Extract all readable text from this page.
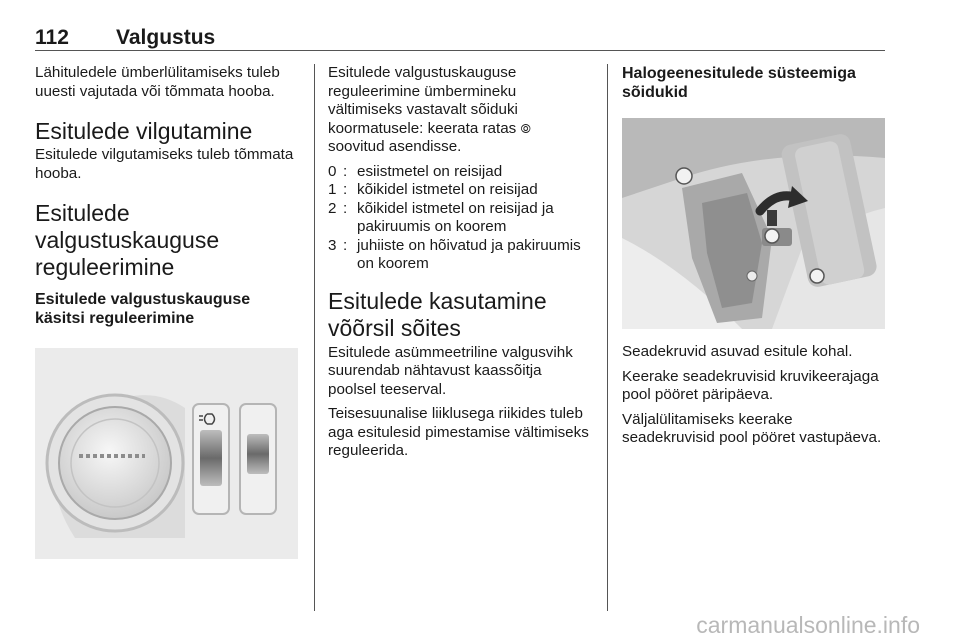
112 Valgustus

Lähituledele ümberlülitamiseks tuleb uuesti vajutada või tõmmata hooba.

Esitulede vilgutamine

Esitulede vilgutamiseks tuleb tõmmata hooba.

Esitulede
valgustuskauguse
reguleerimine
Esitulede valgustuskauguse käsitsi reguleerimine

Esitulede valgustuskauguse reguleerimine ümbermineku vältimiseks vastavalt sõiduki koormatusele: keerata ratas ⦾
soovitud asendisse.

0 : esiistmetel on reisijad
1 : kõikidel istmetel on reisijad
2 : kõikidel istmetel on reisijad ja pakiruumis on koorem
3 : juhiiste on hõivatud ja pakiruumis on koorem
Esitulede kasutamine
võõrsil sõites

Esitulede asümmeetriline valgusvihk suurendab nähtavust kaassõitja poolsel teeserval.

Teisesuunalise liiklusega riikides tuleb aga esitulesid pimestamise vältimiseks reguleerida.

Halogeenesitulede süsteemiga sõidukid

Seadekruvid asuvad esitule kohal.

Keerake seadekruvisid kruvikeerajaga pool pööret päripäeva.

Väljalülitamiseks keerake seadekruvisid pool pööret vastupäeva.

carmanualsonline.info
